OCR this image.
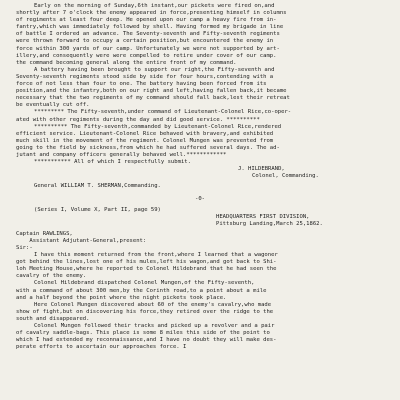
Early on the morning of Sunday,6th instant,our pickets were fired on,and
shortly after 7 o'clock the enemy appeared in force,presenting himself in columns
of regiments at least four deep. He opened upon our camp a heavy fire from in-
fantry,which was immediately followed by shell. Having formed my brigade in line
of battle I ordered an advance. The Seventy-seventh and Fifty-seventh regiments
were thrown forward to occupy a certain position,but encountered the enemy in
force within 300 yards of our camp. Unfortunately we were not supported by art-
illery,and consequently were were compelled to retire under cover of our camp.
the command becoming general along the entire front of my command.
A battery having been brought to support our right,the Fifty-seventh and
Seventy-seventh regiments stood side by side for four hours,contending with a
force of not less than four to one. The battery having been forced from its
position,and the infantry,both on our right and left,having fallen back,it became
necessary that the two regiments of my command should fall back,lest their retreat
be eventually cut off.
********* The Fifty-seventh,under command of Lieutenant-Colonel Rice,co-oper-
ated with other regiments during the day and did good service. **********
********** The Fifty-seventh,commanded by Lieutenant-Colonel Rice,rendered
efficient service. Lieutenant-Colonel Rice behaved with bravery,and exhibited
much skill in the movement of the regiment. Colonel Mungen was prevented from
going to the field by sickness,from which he had suffered several days. The ad-
jutant and company officers generally behaved well.************
*********** All of which I respectfully submit.
J. HILDEBRAND,
Colonel, Commanding.
General WILLIAM T. SHERMAN,Commanding.
-0-
(Series I, Volume X, Part II, page 59)
HEADQUARTERS FIRST DIVISION,
Pittsburg Landing,March 25,1862.
Captain RAWLINGS,
Assistant Adjutant-General,present:
Sir:-
I have this moment returned from the front,where I learned that a wagoner
got behind the lines,lost one of his mules,left his wagon,and got back to Shi-
loh Meeting House,where he reported to Colonel Hildebrand that he had seen the
cavalry of the enemy.
Colonel Hildebrand dispatched Colonel Mungen,of the Fifty-seventh,
with a command of about 300 men,by the Corinth road,to a point about a mile
and a half beyond the point where the night pickets took place.
Here Colonel Mungen discovered about 60 of the enemy's cavalry,who made
show of fight,but on discovering his force,they retired over the ridge to the
south and disappeared.
Colonel Mungen followed their tracks and picked up a revolver and a pair
of cavalry saddle-bags. This place is some 8 miles this side of the point to
which I had extended my reconnaissance,and I have no doubt they will make des-
perate efforts to ascertain our approaches force. I
